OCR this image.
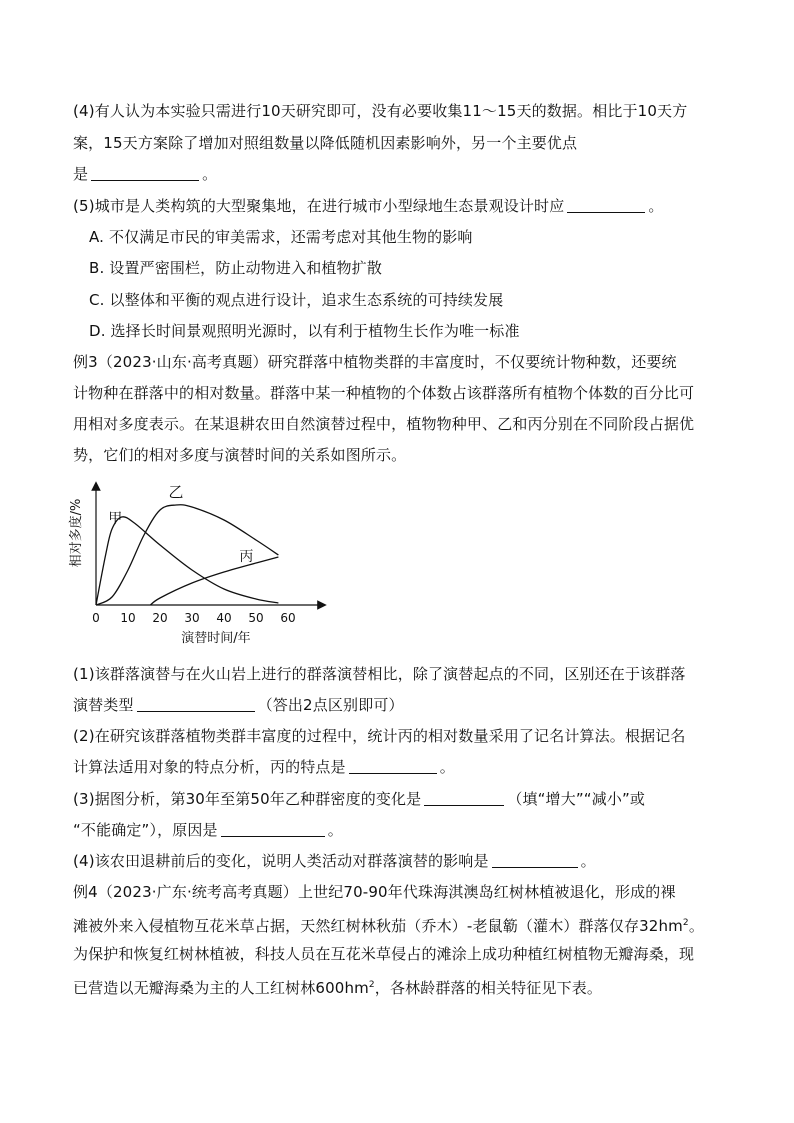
(4)有人认为本实验只需进行10天研究即可，没有必要收集11～15天的数据。相比于10天方
案，15天方案除了增加对照组数量以降低随机因素影响外，另一个主要优点
是	。
(5)城市是人类构筑的大型聚集地，在进行城市小型绿地生态景观设计时应	。
A. 不仅满足市民的审美需求，还需考虑对其他生物的影响
B. 设置严密围栏，防止动物进入和植物扩散
C. 以整体和平衡的观点进行设计，追求生态系统的可持续发展
D. 选择长时间景观照明光源时，以有利于植物生长作为唯一标准
例3（2023·山东·高考真题）研究群落中植物类群的丰富度时，不仅要统计物种数，还要统
计物种在群落中的相对数量。群落中某一种植物的个体数占该群落所有植物个体数的百分比可
用相对多度表示。在某退耕农田自然演替过程中，植物物种甲、乙和丙分别在不同阶段占据优
势，它们的相对多度与演替时间的关系如图所示。
相对多度/%
演替时间/年
0 10 20 30 40 50 60
甲
乙
丙
(1)该群落演替与在火山岩上进行的群落演替相比，除了演替起点的不同，区别还在于该群落
演替类型	（答出2点区别即可）
(2)在研究该群落植物类群丰富度的过程中，统计丙的相对数量采用了记名计算法。根据记名
计算法适用对象的特点分析，丙的特点是	。
(3)据图分析，第30年至第50年乙种群密度的变化是	（填“增大”“减小”或
“不能确定”），原因是	。
(4)该农田退耕前后的变化，说明人类活动对群落演替的影响是	。
例4（2023·广东·统考高考真题）上世纪70-90年代珠海淇澳岛红树林植被退化，形成的裸
滩被外来入侵植物互花米草占据，天然红树林秋茄（乔木）-老鼠簕（灌木）群落仅存$32hm^2$。
为保护和恢复红树林植被，科技人员在互花米草侵占的滩涂上成功种植红树植物无瓣海桑，现
已营造以无瓣海桑为主的人工红树林$600hm^2$，各林龄群落的相关特征见下表。
